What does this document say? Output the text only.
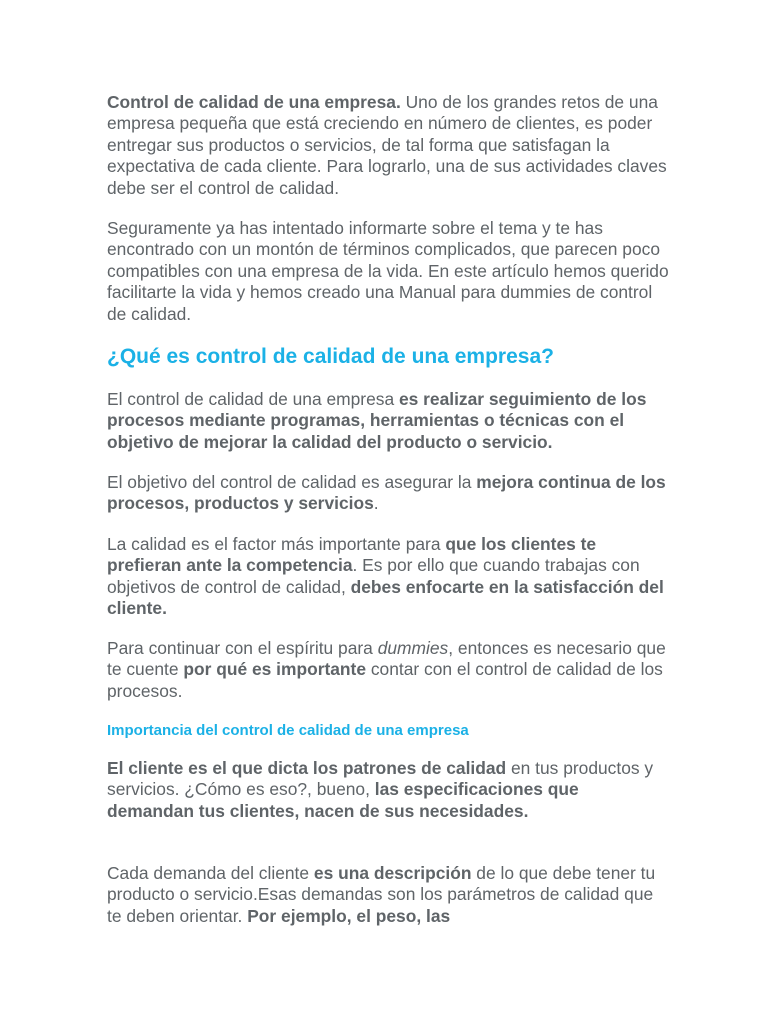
Control de calidad de una empresa. Uno de los grandes retos de una empresa pequeña que está creciendo en número de clientes, es poder entregar sus productos o servicios, de tal forma que satisfagan la expectativa de cada cliente. Para lograrlo, una de sus actividades claves debe ser el control de calidad.

Seguramente ya has intentado informarte sobre el tema y te has encontrado con un montón de términos complicados, que parecen poco compatibles con una empresa de la vida. En este artículo hemos querido facilitarte la vida y hemos creado una Manual para dummies de control de calidad.

¿Qué es control de calidad de una empresa?

El control de calidad de una empresa es realizar seguimiento de los procesos mediante programas, herramientas o técnicas con el objetivo de mejorar la calidad del producto o servicio.

El objetivo del control de calidad es asegurar la mejora continua de los procesos, productos y servicios.

La calidad es el factor más importante para que los clientes te prefieran ante la competencia. Es por ello que cuando trabajas con objetivos de control de calidad, debes enfocarte en la satisfacción del cliente.

Para continuar con el espíritu para dummies, entonces es necesario que te cuente por qué es importante contar con el control de calidad de los procesos.

Importancia del control de calidad de una empresa

El cliente es el que dicta los patrones de calidad en tus productos y servicios. ¿Cómo es eso?, bueno, las especificaciones que demandan tus clientes, nacen de sus necesidades.

Cada demanda del cliente es una descripción de lo que debe tener tu producto o servicio.Esas demandas son los parámetros de calidad que te deben orientar. Por ejemplo, el peso, las
